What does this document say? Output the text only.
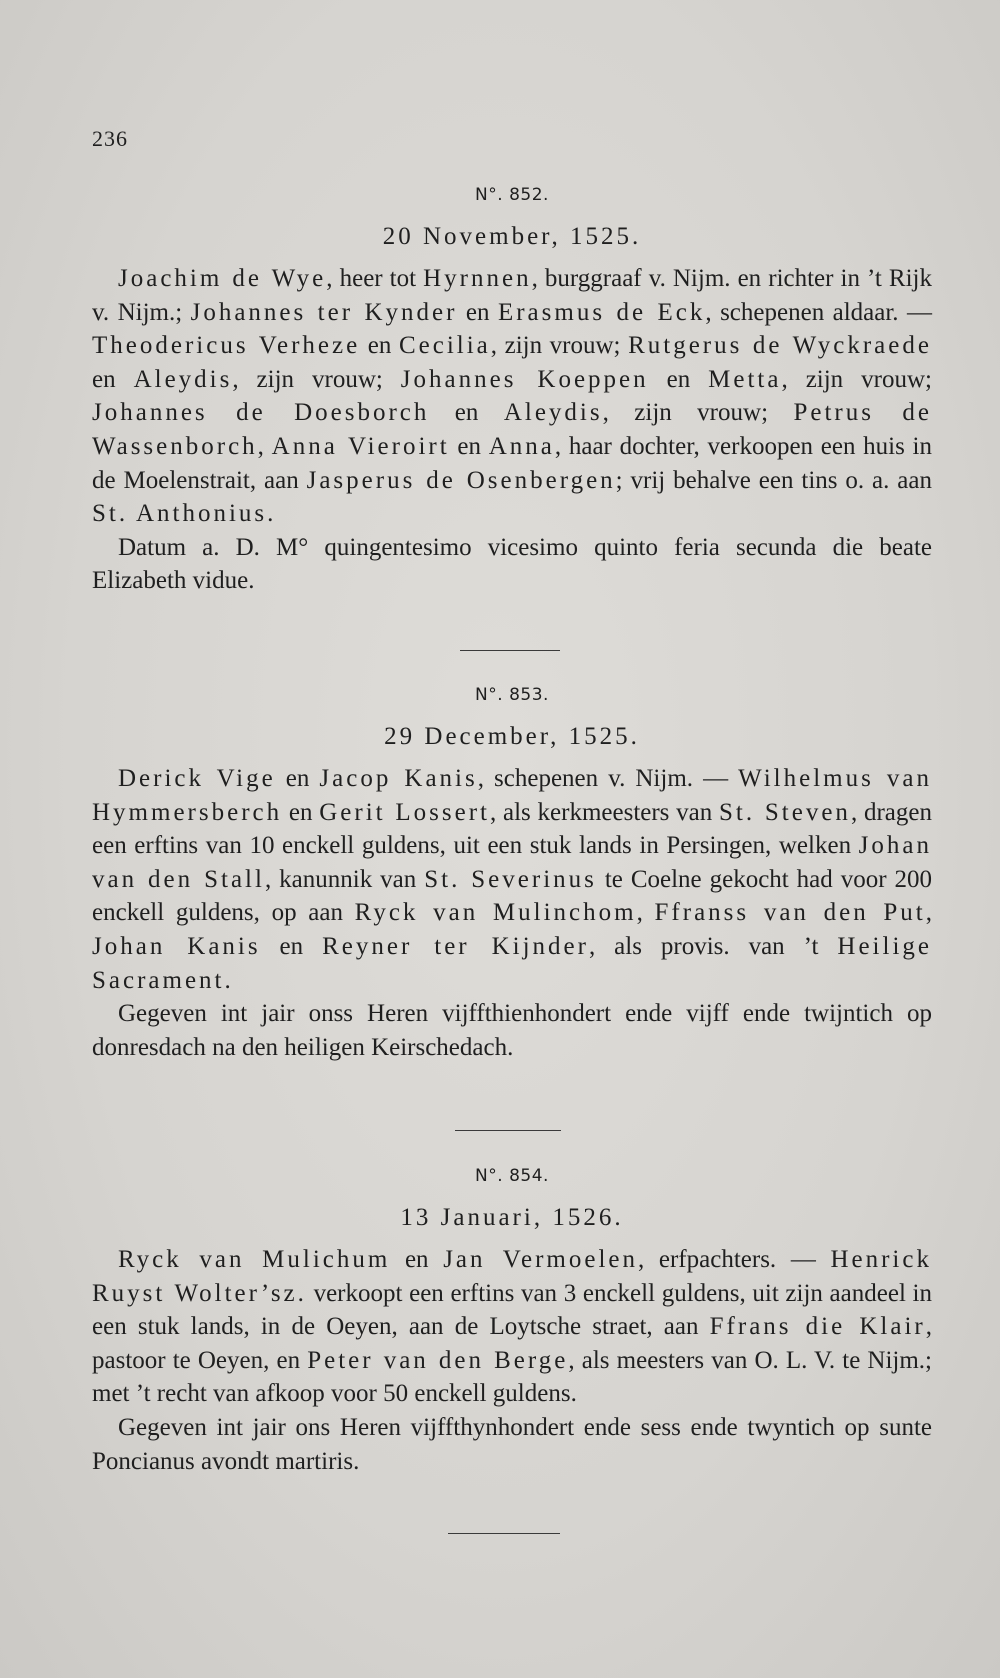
236
N°. 852.
20 November, 1525.

Joachim de Wye, heer tot Hyrnnen, burggraaf v. Nijm. en richter in ’t Rijk v. Nijm.; Johannes ter Kynder en Erasmus de Eck, schepenen aldaar. — Theodericus Verheze en Cecilia, zijn vrouw; Rutgerus de Wyckraede en Aleydis, zijn vrouw; Johannes Koeppen en Metta, zijn vrouw; Johannes de Doesborch en Aleydis, zijn vrouw; Petrus de Wassenborch, Anna Vieroirt en Anna, haar dochter, verkoopen een huis in de Moelenstrait, aan Jasperus de Osenbergen; vrij behalve een tins o. a. aan St. Anthonius.

Datum a. D. M° quingentesimo vicesimo quinto feria secunda die beate Elizabeth vidue.

N°. 853.
29 December, 1525.

Derick Vige en Jacop Kanis, schepenen v. Nijm. — Wilhelmus van Hymmersberch en Gerit Lossert, als kerkmeesters van St. Steven, dragen een erftins van 10 enckell guldens, uit een stuk lands in Persingen, welken Johan van den Stall, kanunnik van St. Severinus te Coelne gekocht had voor 200 enckell guldens, op aan Ryck van Mulinchom, Ffranss van den Put, Johan Kanis en Reyner ter Kijnder, als provis. van ’t Heilige Sacrament.

Gegeven int jair onss Heren vijffthienhondert ende vijff ende twijntich op donresdach na den heiligen Keirschedach.

N°. 854.
13 Januari, 1526.

Ryck van Mulichum en Jan Vermoelen, erfpachters. — Henrick Ruyst Wolter’sz. verkoopt een erftins van 3 enckell guldens, uit zijn aandeel in een stuk lands, in de Oeyen, aan de Loytsche straet, aan Ffrans die Klair, pastoor te Oeyen, en Peter van den Berge, als meesters van O. L. V. te Nijm.; met ’t recht van afkoop voor 50 enckell guldens.

Gegeven int jair ons Heren vijffthynhondert ende sess ende twyntich op sunte Poncianus avondt martiris.
